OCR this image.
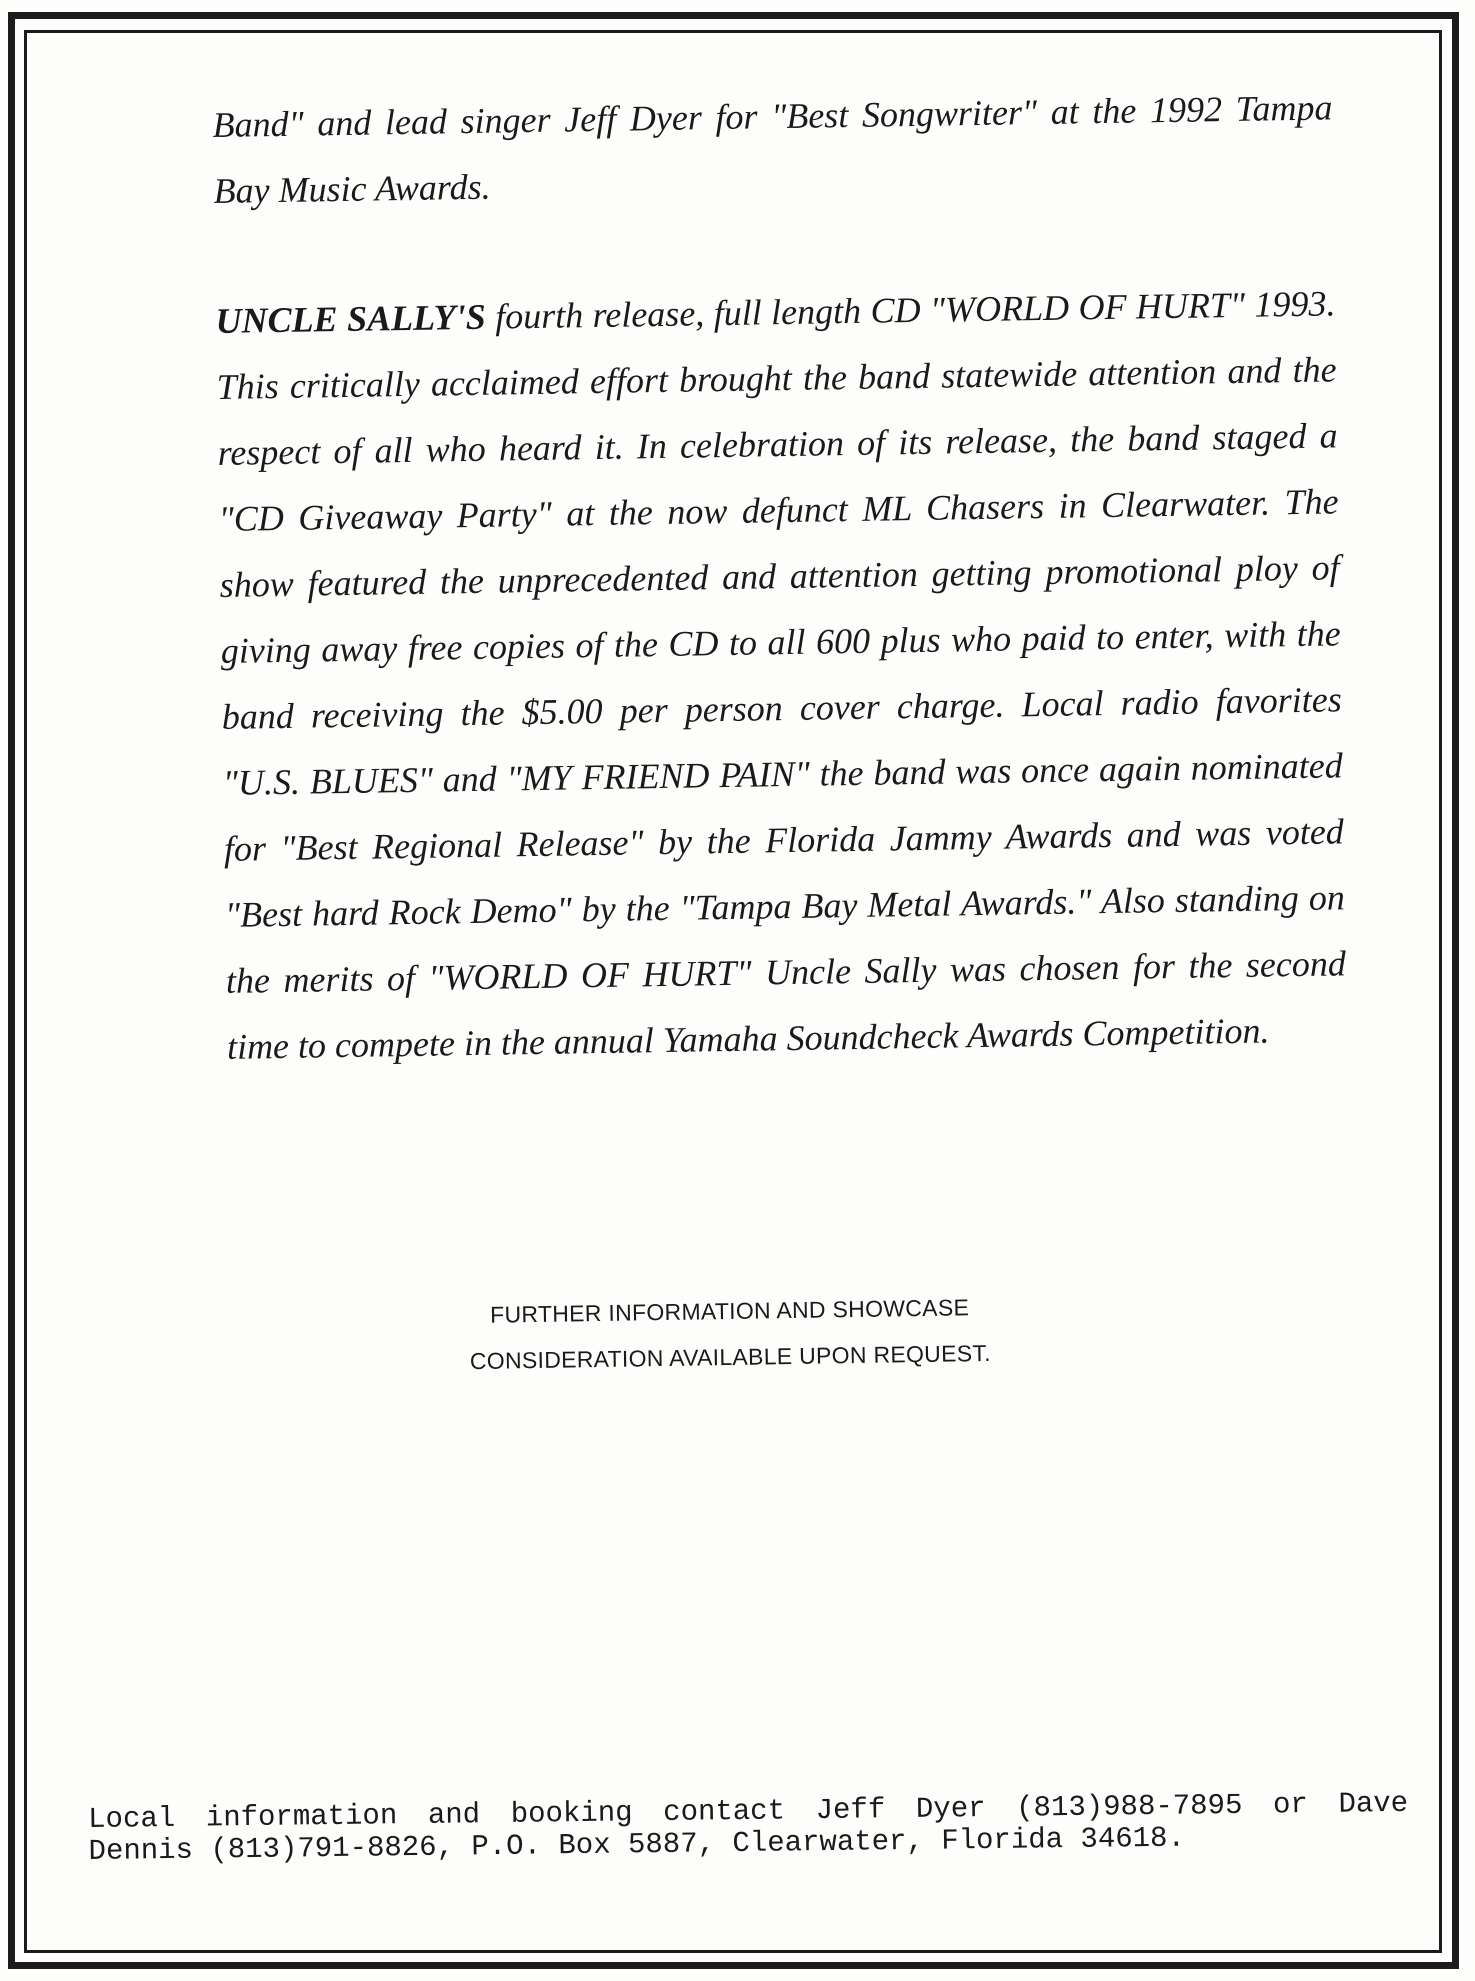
Band" and lead singer Jeff Dyer for "Best Songwriter" at the 1992 Tampa Bay Music Awards.

UNCLE SALLY'S fourth release, full length CD "WORLD OF HURT" 1993. This critically acclaimed effort brought the band statewide attention and the respect of all who heard it. In celebration of its release, the band staged a "CD Giveaway Party" at the now defunct ML Chasers in Clearwater. The show featured the unprecedented and attention getting promotional ploy of giving away free copies of the CD to all 600 plus who paid to enter, with the band receiving the $5.00 per person cover charge. Local radio favorites "U.S. BLUES" and "MY FRIEND PAIN" the band was once again nominated for "Best Regional Release" by the Florida Jammy Awards and was voted "Best hard Rock Demo" by the "Tampa Bay Metal Awards." Also standing on the merits of "WORLD OF HURT" Uncle Sally was chosen for the second time to compete in the annual Yamaha Soundcheck Awards Competition.

FURTHER INFORMATION AND SHOWCASE
CONSIDERATION AVAILABLE UPON REQUEST.
Local information and booking contact Jeff Dyer (813)988-7895 or Dave Dennis (813)791-8826, P.O. Box 5887, Clearwater, Florida 34618.
